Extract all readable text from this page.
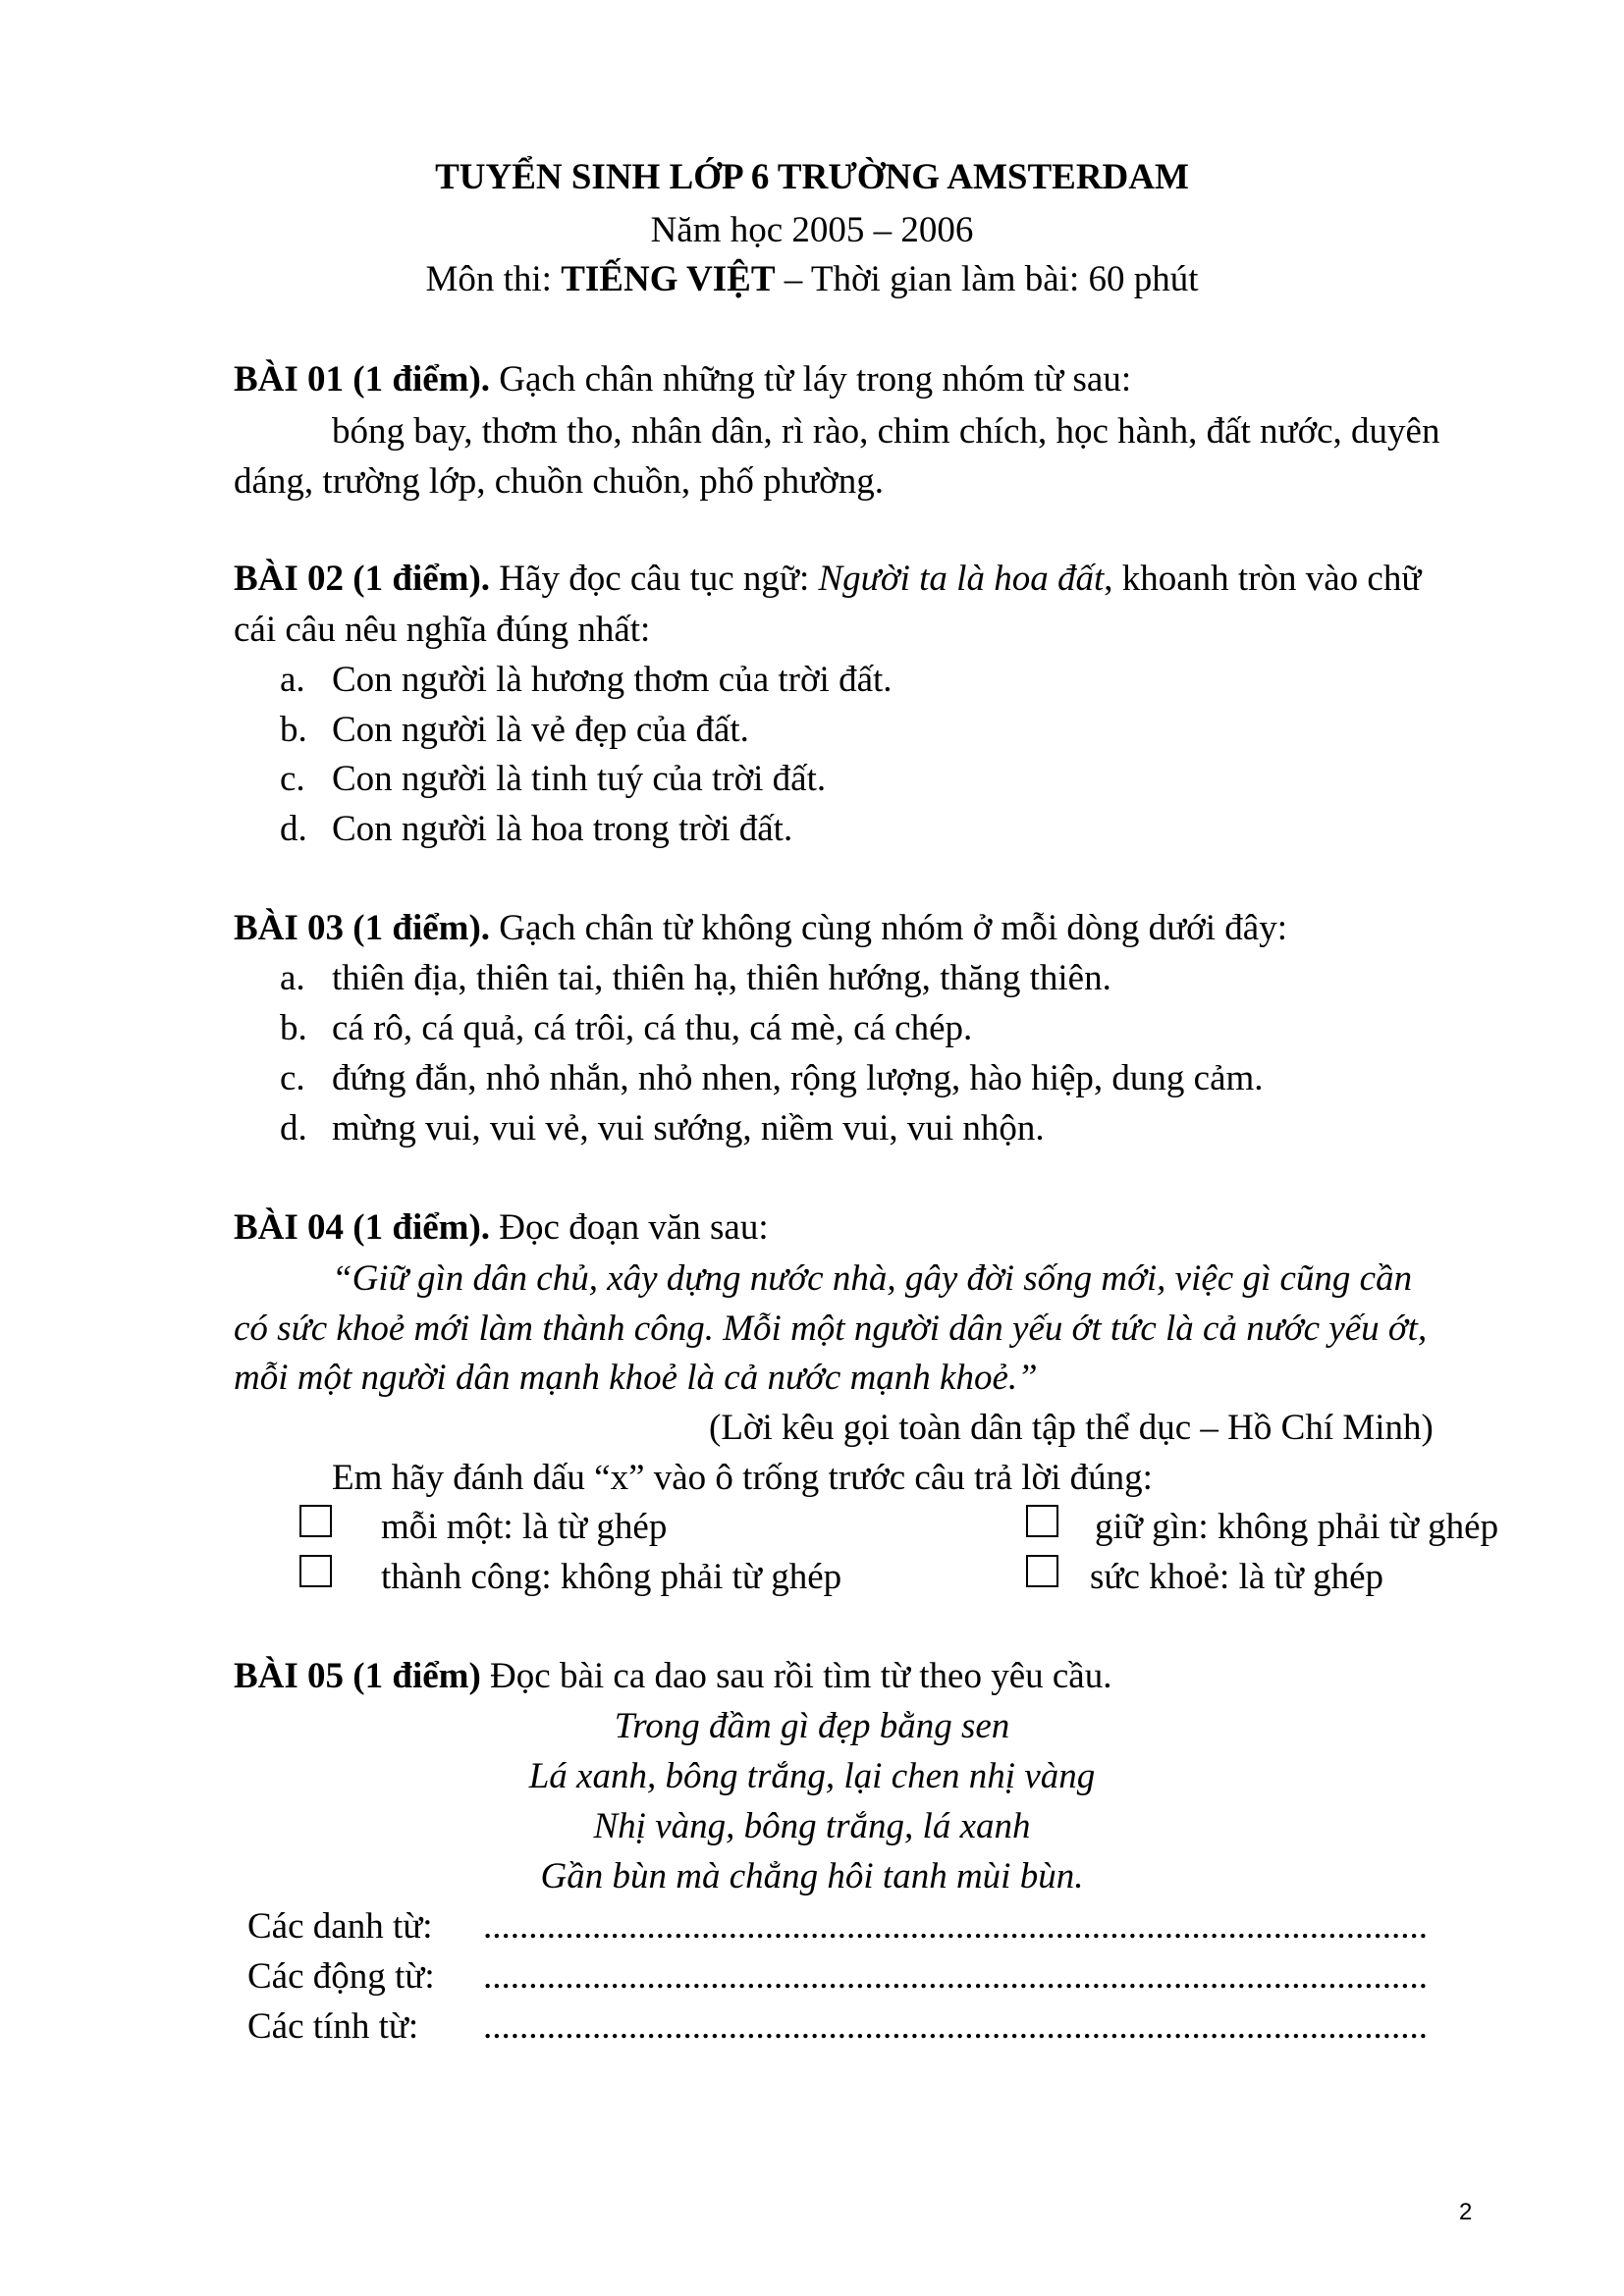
TUYỂN SINH LỚP 6 TRƯỜNG AMSTERDAM
Năm học 2005 – 2006
Môn thi: TIẾNG VIỆT – Thời gian làm bài: 60 phút
BÀI 01 (1 điểm). Gạch chân những từ láy trong nhóm từ sau:
bóng bay, thơm tho, nhân dân, rì rào, chim chích, học hành, đất nước, duyên
dáng, trường lớp, chuồn chuồn, phố phường.
BÀI 02 (1 điểm). Hãy đọc câu tục ngữ: Người ta là hoa đất, khoanh tròn vào chữ
cái câu nêu nghĩa đúng nhất:
a. Con người là hương thơm của trời đất.
b. Con người là vẻ đẹp của đất.
c. Con người là tinh tuý của trời đất.
d. Con người là hoa trong trời đất.
BÀI 03 (1 điểm). Gạch chân từ không cùng nhóm ở mỗi dòng dưới đây:
a. thiên địa, thiên tai, thiên hạ, thiên hướng, thăng thiên.
b. cá rô, cá quả, cá trôi, cá thu, cá mè, cá chép.
c. đứng đắn, nhỏ nhắn, nhỏ nhen, rộng lượng, hào hiệp, dung cảm.
d. mừng vui, vui vẻ, vui sướng, niềm vui, vui nhộn.
BÀI 04 (1 điểm). Đọc đoạn văn sau:
“Giữ gìn dân chủ, xây dựng nước nhà, gây đời sống mới, việc gì cũng cần
có sức khoẻ mới làm thành công. Mỗi một người dân yếu ớt tức là cả nước yếu ớt,
mỗi một người dân mạnh khoẻ là cả nước mạnh khoẻ.”
(Lời kêu gọi toàn dân tập thể dục – Hồ Chí Minh)
Em hãy đánh dấu “x” vào ô trống trước câu trả lời đúng:
mỗi một: là từ ghép	giữ gìn: không phải từ ghép
thành công: không phải từ ghép	sức khoẻ: là từ ghép
BÀI 05 (1 điểm) Đọc bài ca dao sau rồi tìm từ theo yêu cầu.
Trong đầm gì đẹp bằng sen
Lá xanh, bông trắng, lại chen nhị vàng
Nhị vàng, bông trắng, lá xanh
Gần bùn mà chẳng hôi tanh mùi bùn.
Các danh từ: ........................................................................................................
Các động từ: ........................................................................................................
Các tính từ: ........................................................................................................
2
